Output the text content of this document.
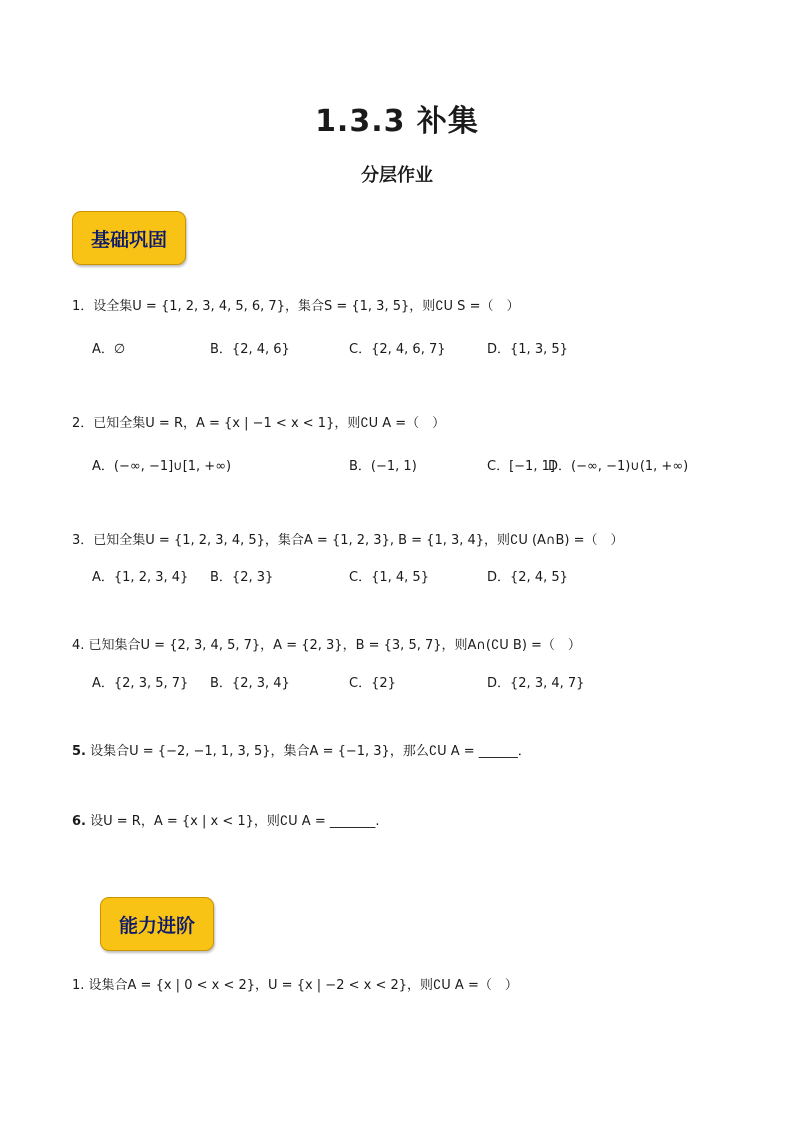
1.3.3 补集
分层作业
基础巩固
1．设全集U = {1, 2, 3, 4, 5, 6, 7}，集合S = {1, 3, 5}，则∁U S =（　）
A．∅	B．{2, 4, 6}	C．{2, 4, 6, 7}	D．{1, 3, 5}
2．已知全集U = R，A = {x | −1 < x < 1}，则∁U A =（　）
A．(−∞, −1]∪[1, +∞)	B．(−1, 1)	C．[−1, 1]
D．(−∞, −1)∪(1, +∞)
3．已知全集U = {1, 2, 3, 4, 5}，集合A = {1, 2, 3}, B = {1, 3, 4}，则∁U (A∩B) =（　）
A．{1, 2, 3, 4} B．{2, 3}	C．{1, 4, 5}	D．{2, 4, 5}
4. 已知集合U = {2, 3, 4, 5, 7}，A = {2, 3}，B = {3, 5, 7}，则A∩(∁U B) =（　）
A．{2, 3, 5, 7} B．{2, 3, 4}	C．{2}	D．{2, 3, 4, 7}
5. 设集合U = {−2, −1, 1, 3, 5}，集合A = {−1, 3}，那么∁U A = ______．
6. 设U = R，A = {x | x < 1}，则∁U A = _______.
能力进阶
1. 设集合A = {x | 0 < x < 2}，U = {x | −2 < x < 2}，则∁U A =（　）
